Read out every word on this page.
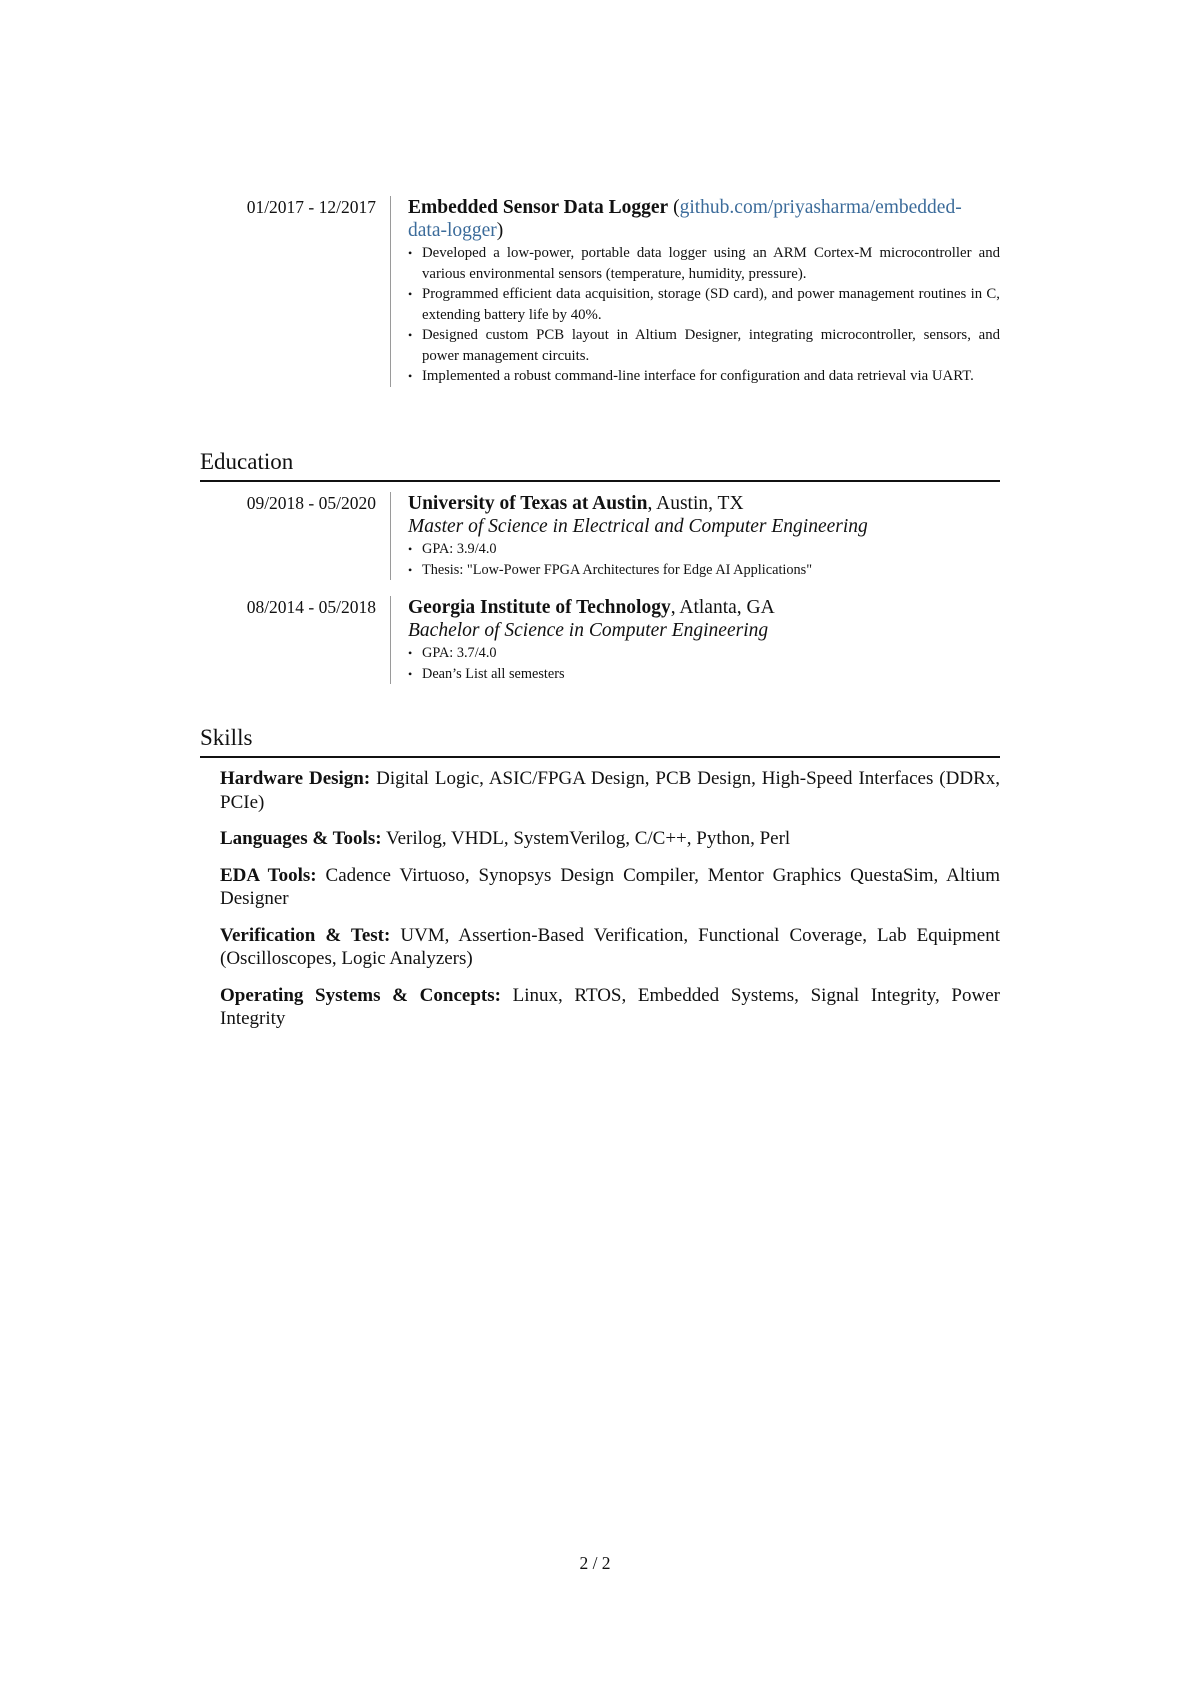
01/2017 - 12/2017 Embedded Sensor Data Logger (github.com/priyasharma/embedded-data-logger)
• Developed a low-power, portable data logger using an ARM Cortex-M microcontroller and various environmental sensors (temperature, humidity, pressure).
• Programmed efficient data acquisition, storage (SD card), and power management routines in C, extending battery life by 40%.
• Designed custom PCB layout in Altium Designer, integrating microcontroller, sensors, and power management circuits.
• Implemented a robust command-line interface for configuration and data retrieval via UART.
Education
09/2018 - 05/2020 University of Texas at Austin, Austin, TX
Master of Science in Electrical and Computer Engineering
• GPA: 3.9/4.0
• Thesis: "Low-Power FPGA Architectures for Edge AI Applications"
08/2014 - 05/2018 Georgia Institute of Technology, Atlanta, GA
Bachelor of Science in Computer Engineering
• GPA: 3.7/4.0
• Dean’s List all semesters
Skills
Hardware Design: Digital Logic, ASIC/FPGA Design, PCB Design, High-Speed Interfaces (DDRx, PCIe)
Languages & Tools: Verilog, VHDL, SystemVerilog, C/C++, Python, Perl
EDA Tools: Cadence Virtuoso, Synopsys Design Compiler, Mentor Graphics QuestaSim, Altium Designer
Verification & Test: UVM, Assertion-Based Verification, Functional Coverage, Lab Equipment (Oscilloscopes, Logic Analyzers)
Operating Systems & Concepts: Linux, RTOS, Embedded Systems, Signal Integrity, Power Integrity
2 / 2
